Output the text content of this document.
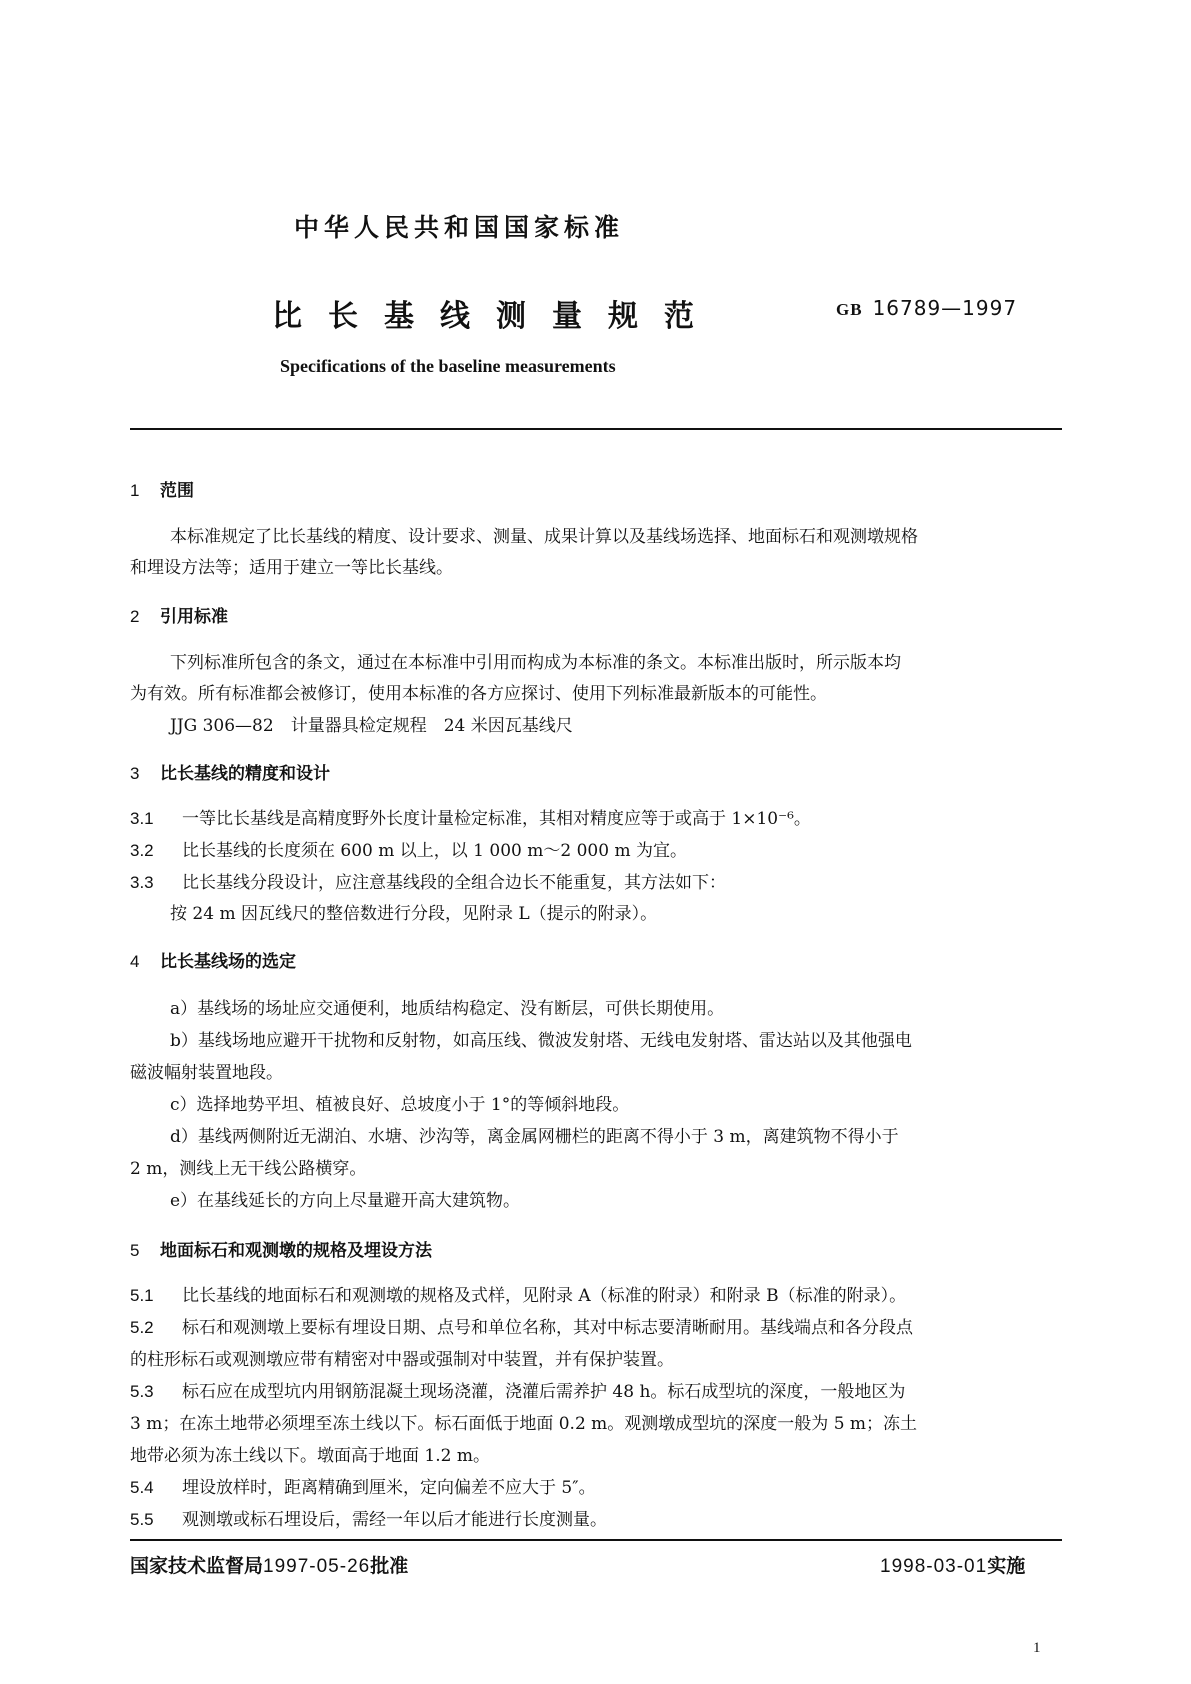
中华人民共和国国家标准
比长基线测量规范	GB 16789—1997
Specifications of the baseline measurements
1 范围
本标准规定了比长基线的精度、设计要求、测量、成果计算以及基线场选择、地面标石和观测墩规格
和埋设方法等；适用于建立一等比长基线。
2 引用标准
下列标准所包含的条文，通过在本标准中引用而构成为本标准的条文。本标准出版时，所示版本均
为有效。所有标准都会被修订，使用本标准的各方应探讨、使用下列标准最新版本的可能性。
JJG 306—82　计量器具检定规程　24 米因瓦基线尺
3 比长基线的精度和设计
3.1 一等比长基线是高精度野外长度计量检定标准，其相对精度应等于或高于 1×10⁻⁶。
3.2 比长基线的长度须在 600 m 以上，以 1 000 m～2 000 m 为宜。
3.3 比长基线分段设计，应注意基线段的全组合边长不能重复，其方法如下：
按 24 m 因瓦线尺的整倍数进行分段，见附录 L（提示的附录）。
4 比长基线场的选定
a）基线场的场址应交通便利，地质结构稳定、没有断层，可供长期使用。
b）基线场地应避开干扰物和反射物，如高压线、微波发射塔、无线电发射塔、雷达站以及其他强电
磁波幅射装置地段。
c）选择地势平坦、植被良好、总坡度小于 1°的等倾斜地段。
d）基线两侧附近无湖泊、水塘、沙沟等，离金属网栅栏的距离不得小于 3 m，离建筑物不得小于
2 m，测线上无干线公路横穿。
e）在基线延长的方向上尽量避开高大建筑物。
5 地面标石和观测墩的规格及埋设方法
5.1 比长基线的地面标石和观测墩的规格及式样，见附录 A（标准的附录）和附录 B（标准的附录）。
5.2 标石和观测墩上要标有埋设日期、点号和单位名称，其对中标志要清晰耐用。基线端点和各分段点
的柱形标石或观测墩应带有精密对中器或强制对中装置，并有保护装置。
5.3 标石应在成型坑内用钢筋混凝土现场浇灌，浇灌后需养护 48 h。标石成型坑的深度，一般地区为
3 m；在冻土地带必须埋至冻土线以下。标石面低于地面 0.2 m。观测墩成型坑的深度一般为 5 m；冻土
地带必须为冻土线以下。墩面高于地面 1.2 m。
5.4 埋设放样时，距离精确到厘米，定向偏差不应大于 5″。
5.5 观测墩或标石埋设后，需经一年以后才能进行长度测量。
国家技术监督局1997-05-26批准	1998-03-01实施
1
